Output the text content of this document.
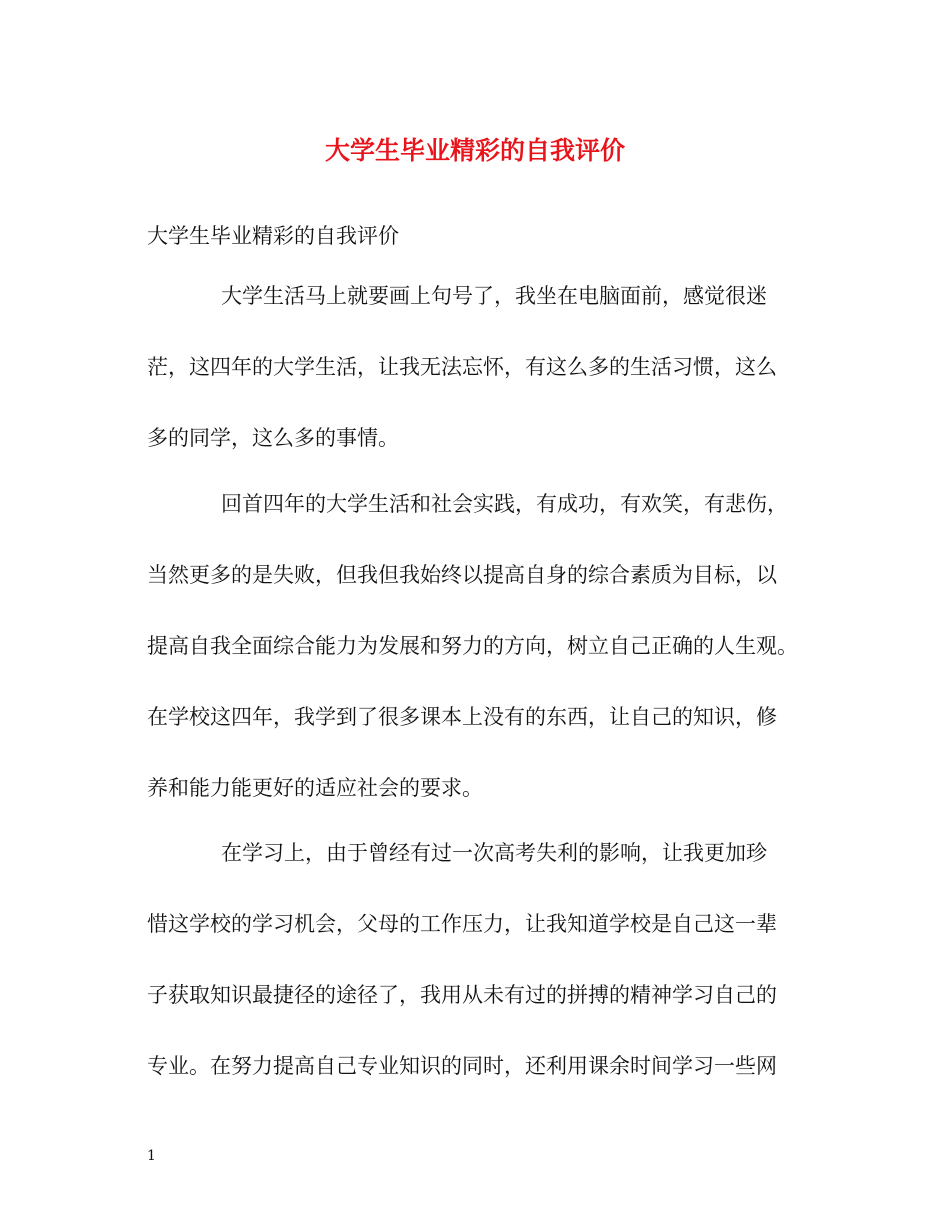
大学生毕业精彩的自我评价

大学生毕业精彩的自我评价

大学生活马上就要画上句号了，我坐在电脑面前，感觉很迷

茫，这四年的大学生活，让我无法忘怀，有这么多的生活习惯，这么

多的同学，这么多的事情。

回首四年的大学生活和社会实践，有成功，有欢笑，有悲伤，

当然更多的是失败，但我但我始终以提高自身的综合素质为目标，以

提高自我全面综合能力为发展和努力的方向，树立自己正确的人生观。

在学校这四年，我学到了很多课本上没有的东西，让自己的知识，修

养和能力能更好的适应社会的要求。

在学习上，由于曾经有过一次高考失利的影响，让我更加珍

惜这学校的学习机会，父母的工作压力，让我知道学校是自己这一辈

子获取知识最捷径的途径了，我用从未有过的拼搏的精神学习自己的

专业。在努力提高自己专业知识的同时，还利用课余时间学习一些网

1
